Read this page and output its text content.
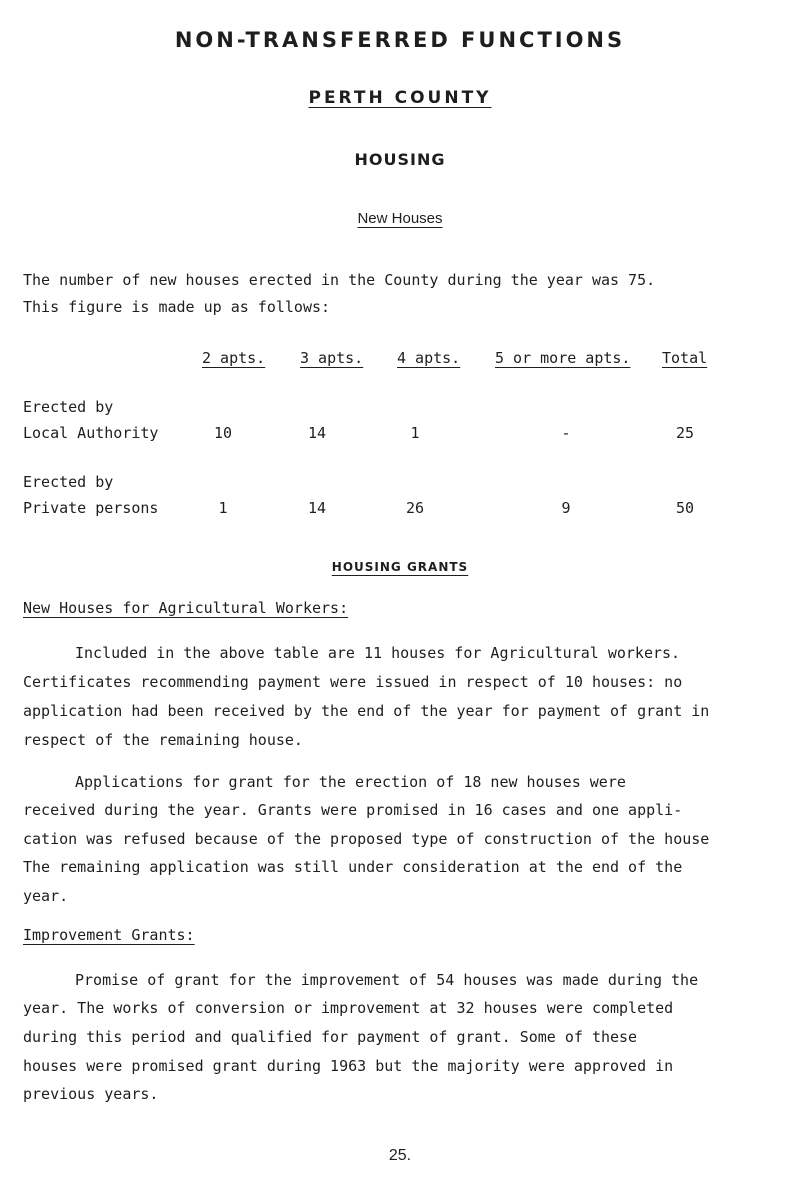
NON-TRANSFERRED FUNCTIONS
PERTH COUNTY
HOUSING
New Houses
The number of new houses erected in the County during the year was 75.
This figure is made up as follows:
2 apts. 3 apts. 4 apts. 5 or more apts. Total
Erected by
Local Authority	10	14	1	-	25
Erected by
Private persons	1	14	26	9	50
HOUSING GRANTS
New Houses for Agricultural Workers:
Included in the above table are 11 houses for Agricultural workers.
Certificates recommending payment were issued in respect of 10 houses: no
application had been received by the end of the year for payment of grant in
respect of the remaining house.
Applications for grant for the erection of 18 new houses were
received during the year. Grants were promised in 16 cases and one appli-
cation was refused because of the proposed type of construction of the house
The remaining application was still under consideration at the end of the
year.
Improvement Grants:
Promise of grant for the improvement of 54 houses was made during the
year. The works of conversion or improvement at 32 houses were completed
during this period and qualified for payment of grant. Some of these
houses were promised grant during 1963 but the majority were approved in
previous years.
25.
